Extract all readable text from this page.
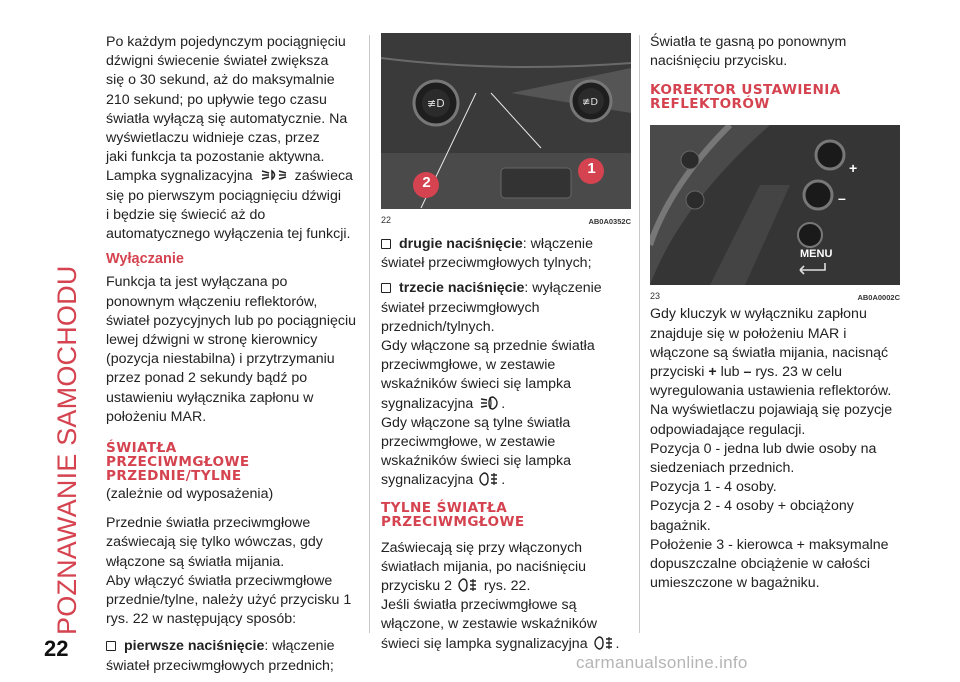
POZNAWANIE SAMOCHODU
22

Po każdym pojedynczym pociągnięciu
dźwigni świecenie świateł zwiększa
się o 30 sekund, aż do maksymalnie
210 sekund; po upływie tego czasu
światła wyłączą się automatycznie. Na
wyświetlaczu widnieje czas, przez
jaki funkcja ta pozostanie aktywna.
Lampka sygnalizacyjna	zaświeca
się po pierwszym pociągnięciu dźwigi
i będzie się świecić aż do
automatycznego wyłączenia tej funkcji.

Wyłączanie

Funkcja ta jest wyłączana po
ponownym włączeniu reflektorów,
świateł pozycyjnych lub po pociągnięciu
lewej dźwigni w stronę kierownicy
(pozycja niestabilna) i przytrzymaniu
przez ponad 2 sekundy bądź po
ustawieniu wyłącznika zapłonu w
położeniu MAR.

ŚWIATŁA
PRZECIWMGŁOWE
PRZEDNIE/TYLNE

(zależnie od wyposażenia)

Przednie światła przeciwmgłowe
zaświecają się tylko wówczas, gdy
włączone są światła mijania.
Aby włączyć światła przeciwmgłowe
przednie/tylne, należy użyć przycisku 1
rys. 22 w następujący sposób:

pierwsze naciśnięcie: włączenie
świateł przeciwmgłowych przednich;

≢D	≢D
2
1
22	AB0A0352C

drugie naciśnięcie: włączenie
świateł przeciwmgłowych tylnych;

trzecie naciśnięcie: wyłączenie
świateł przeciwmgłowych
przednich/tylnych.

Gdy włączone są przednie światła
przeciwmgłowe, w zestawie
wskaźników świeci się lampka
sygnalizacyjna .

Gdy włączone są tylne światła
przeciwmgłowe, w zestawie
wskaźników świeci się lampka
sygnalizacyjna .

TYLNE ŚWIATŁA
PRZECIWMGŁOWE

Zaświecają się przy włączonych
światłach mijania, po naciśnięciu
przycisku 2 rys. 22.

Jeśli światła przeciwmgłowe są
włączone, w zestawie wskaźników
świeci się lampka sygnalizacyjna .

Światła te gasną po ponownym
naciśnięciu przycisku.

KOREKTOR USTAWIENIA
REFLEKTORÓW
+
–
MENU
23	AB0A0002C

Gdy kluczyk w wyłączniku zapłonu
znajduje się w położeniu MAR i
włączone są światła mijania, nacisnąć
przyciski + lub – rys. 23 w celu
wyregulowania ustawienia reflektorów.
Na wyświetlaczu pojawiają się pozycje
odpowiadające regulacji.
Pozycja 0 - jedna lub dwie osoby na
siedzeniach przednich.
Pozycja 1 - 4 osoby.
Pozycja 2 - 4 osoby + obciążony
bagażnik.
Położenie 3 - kierowca + maksymalne
dopuszczalne obciążenie w całości
umieszczone w bagażniku.

carmanualsonline.info
